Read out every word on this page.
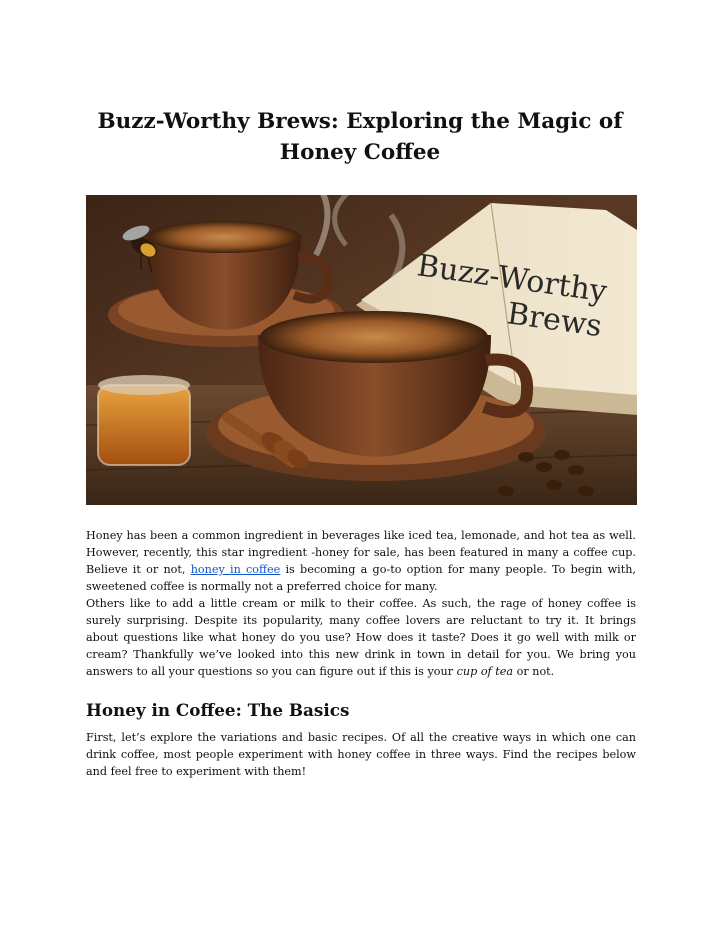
Buzz-Worthy Brews: Exploring the Magic of
Honey Coffee
Buzz-Worthy
Brews

Honey has been a common ingredient in beverages like iced tea, lemonade, and hot tea as well. However, recently, this star ingredient -honey for sale, has been featured in many a coffee cup. Believe it or not, honey in coffee is becoming a go-to option for many people. To begin with, sweetened coffee is normally not a preferred choice for many.

Others like to add a little cream or milk to their coffee. As such, the rage of honey coffee is surely surprising. Despite its popularity, many coffee lovers are reluctant to try it. It brings about questions like what honey do you use? How does it taste? Does it go well with milk or cream? Thankfully we’ve looked into this new drink in town in detail for you. We bring you answers to all your questions so you can figure out if this is your cup of tea or not.

Honey in Coffee: The Basics

First, let’s explore the variations and basic recipes. Of all the creative ways in which one can drink coffee, most people experiment with honey coffee in three ways. Find the recipes below and feel free to experiment with them!
